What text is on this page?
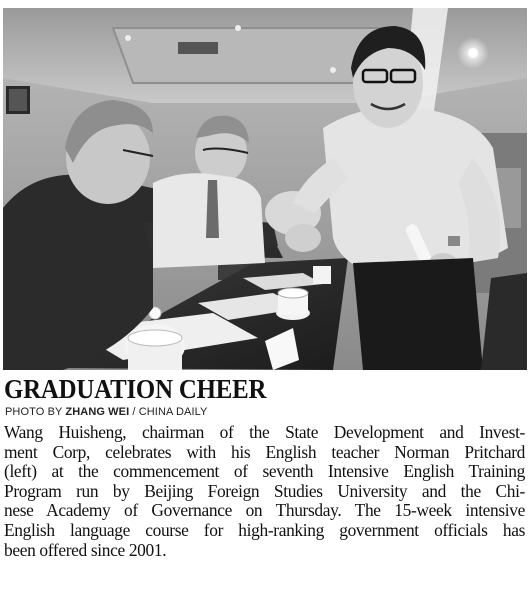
GRADUATION CHEER
PHOTO BY ZHANG WEI / CHINA DAILY
Wang Huisheng, chairman of the State Development and Invest-
ment Corp, celebrates with his English teacher Norman Pritchard
(left) at the commencement of seventh Intensive English Training
Program run by Beijing Foreign Studies University and the Chi-
nese Academy of Governance on Thursday. The 15-week intensive
English language course for high-ranking government officials has
been offered since 2001.
